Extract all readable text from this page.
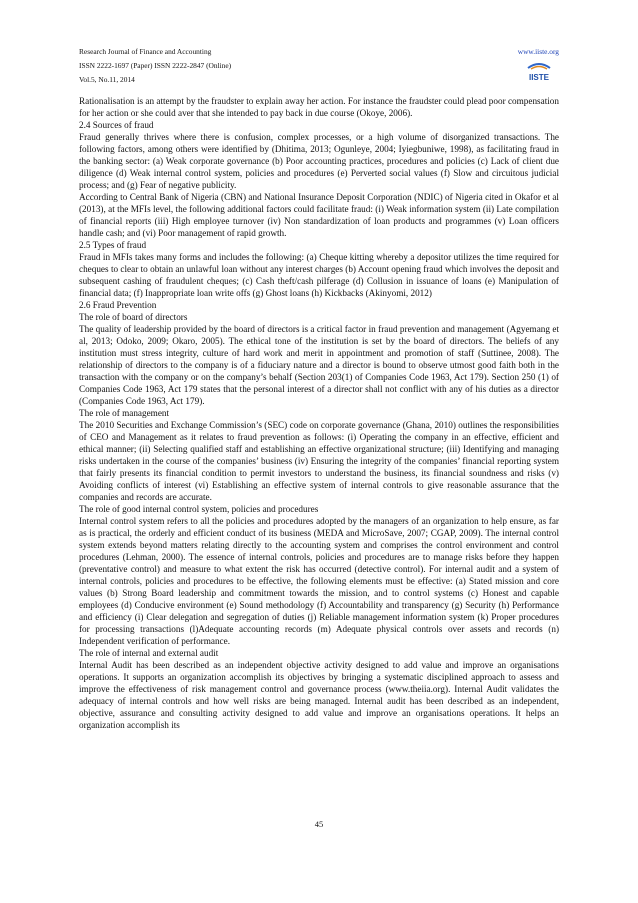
Research Journal of Finance and Accounting
ISSN 2222-1697 (Paper) ISSN 2222-2847 (Online)
Vol.5, No.11, 2014
www.iiste.org
IISTE

Rationalisation is an attempt by the fraudster to explain away her action. For instance the fraudster could plead poor compensation for her action or she could aver that she intended to pay back in due course (Okoye, 2006).

2.4 Sources of fraud

Fraud generally thrives where there is confusion, complex processes, or a high volume of disorganized transactions. The following factors, among others were identified by (Dhitima, 2013; Ogunleye, 2004; Iyiegbuniwe, 1998), as facilitating fraud in the banking sector: (a) Weak corporate governance (b) Poor accounting practices, procedures and policies (c) Lack of client due diligence (d) Weak internal control system, policies and procedures (e) Perverted social values (f) Slow and circuitous judicial process; and (g) Fear of negative publicity.

According to Central Bank of Nigeria (CBN) and National Insurance Deposit Corporation (NDIC) of Nigeria cited in Okafor et al (2013), at the MFIs level, the following additional factors could facilitate fraud: (i) Weak information system (ii) Late compilation of financial reports (iii) High employee turnover (iv) Non standardization of loan products and programmes (v) Loan officers handle cash; and (vi) Poor management of rapid growth.

2.5 Types of fraud

Fraud in MFIs takes many forms and includes the following: (a) Cheque kitting whereby a depositor utilizes the time required for cheques to clear to obtain an unlawful loan without any interest charges (b) Account opening fraud which involves the deposit and subsequent cashing of fraudulent cheques; (c) Cash theft/cash pilferage (d) Collusion in issuance of loans (e) Manipulation of financial data; (f) Inappropriate loan write offs (g) Ghost loans (h) Kickbacks (Akinyomi, 2012)

2.6 Fraud Prevention

The role of board of directors

The quality of leadership provided by the board of directors is a critical factor in fraud prevention and management (Agyemang et al, 2013; Odoko, 2009; Okaro, 2005). The ethical tone of the institution is set by the board of directors. The beliefs of any institution must stress integrity, culture of hard work and merit in appointment and promotion of staff (Suttinee, 2008). The relationship of directors to the company is of a fiduciary nature and a director is bound to observe utmost good faith both in the transaction with the company or on the company’s behalf (Section 203(1) of Companies Code 1963, Act 179). Section 250 (1) of Companies Code 1963, Act 179 states that the personal interest of a director shall not conflict with any of his duties as a director (Companies Code 1963, Act 179).

The role of management

The 2010 Securities and Exchange Commission’s (SEC) code on corporate governance (Ghana, 2010) outlines the responsibilities of CEO and Management as it relates to fraud prevention as follows: (i) Operating the company in an effective, efficient and ethical manner; (ii) Selecting qualified staff and establishing an effective organizational structure; (iii) Identifying and managing risks undertaken in the course of the companies’ business (iv) Ensuring the integrity of the companies’ financial reporting system that fairly presents its financial condition to permit investors to understand the business, its financial soundness and risks (v) Avoiding conflicts of interest (vi) Establishing an effective system of internal controls to give reasonable assurance that the companies and records are accurate.

The role of good internal control system, policies and procedures

Internal control system refers to all the policies and procedures adopted by the managers of an organization to help ensure, as far as is practical, the orderly and efficient conduct of its business (MEDA and MicroSave, 2007; CGAP, 2009). The internal control system extends beyond matters relating directly to the accounting system and comprises the control environment and control procedures (Lehman, 2000). The essence of internal controls, policies and procedures are to manage risks before they happen (preventative control) and measure to what extent the risk has occurred (detective control). For internal audit and a system of internal controls, policies and procedures to be effective, the following elements must be effective: (a) Stated mission and core values (b) Strong Board leadership and commitment towards the mission, and to control systems (c) Honest and capable employees (d) Conducive environment (e) Sound methodology (f) Accountability and transparency (g) Security (h) Performance and efficiency (i) Clear delegation and segregation of duties (j) Reliable management information system (k) Proper procedures for processing transactions (l)Adequate accounting records (m) Adequate physical controls over assets and records (n) Independent verification of performance.

The role of internal and external audit

Internal Audit has been described as an independent objective activity designed to add value and improve an organisations operations. It supports an organization accomplish its objectives by bringing a systematic disciplined approach to assess and improve the effectiveness of risk management control and governance process (www.theiia.org). Internal Audit validates the adequacy of internal controls and how well risks are being managed. Internal audit has been described as an independent, objective, assurance and consulting activity designed to add value and improve an organisations operations. It helps an organization accomplish its

45
